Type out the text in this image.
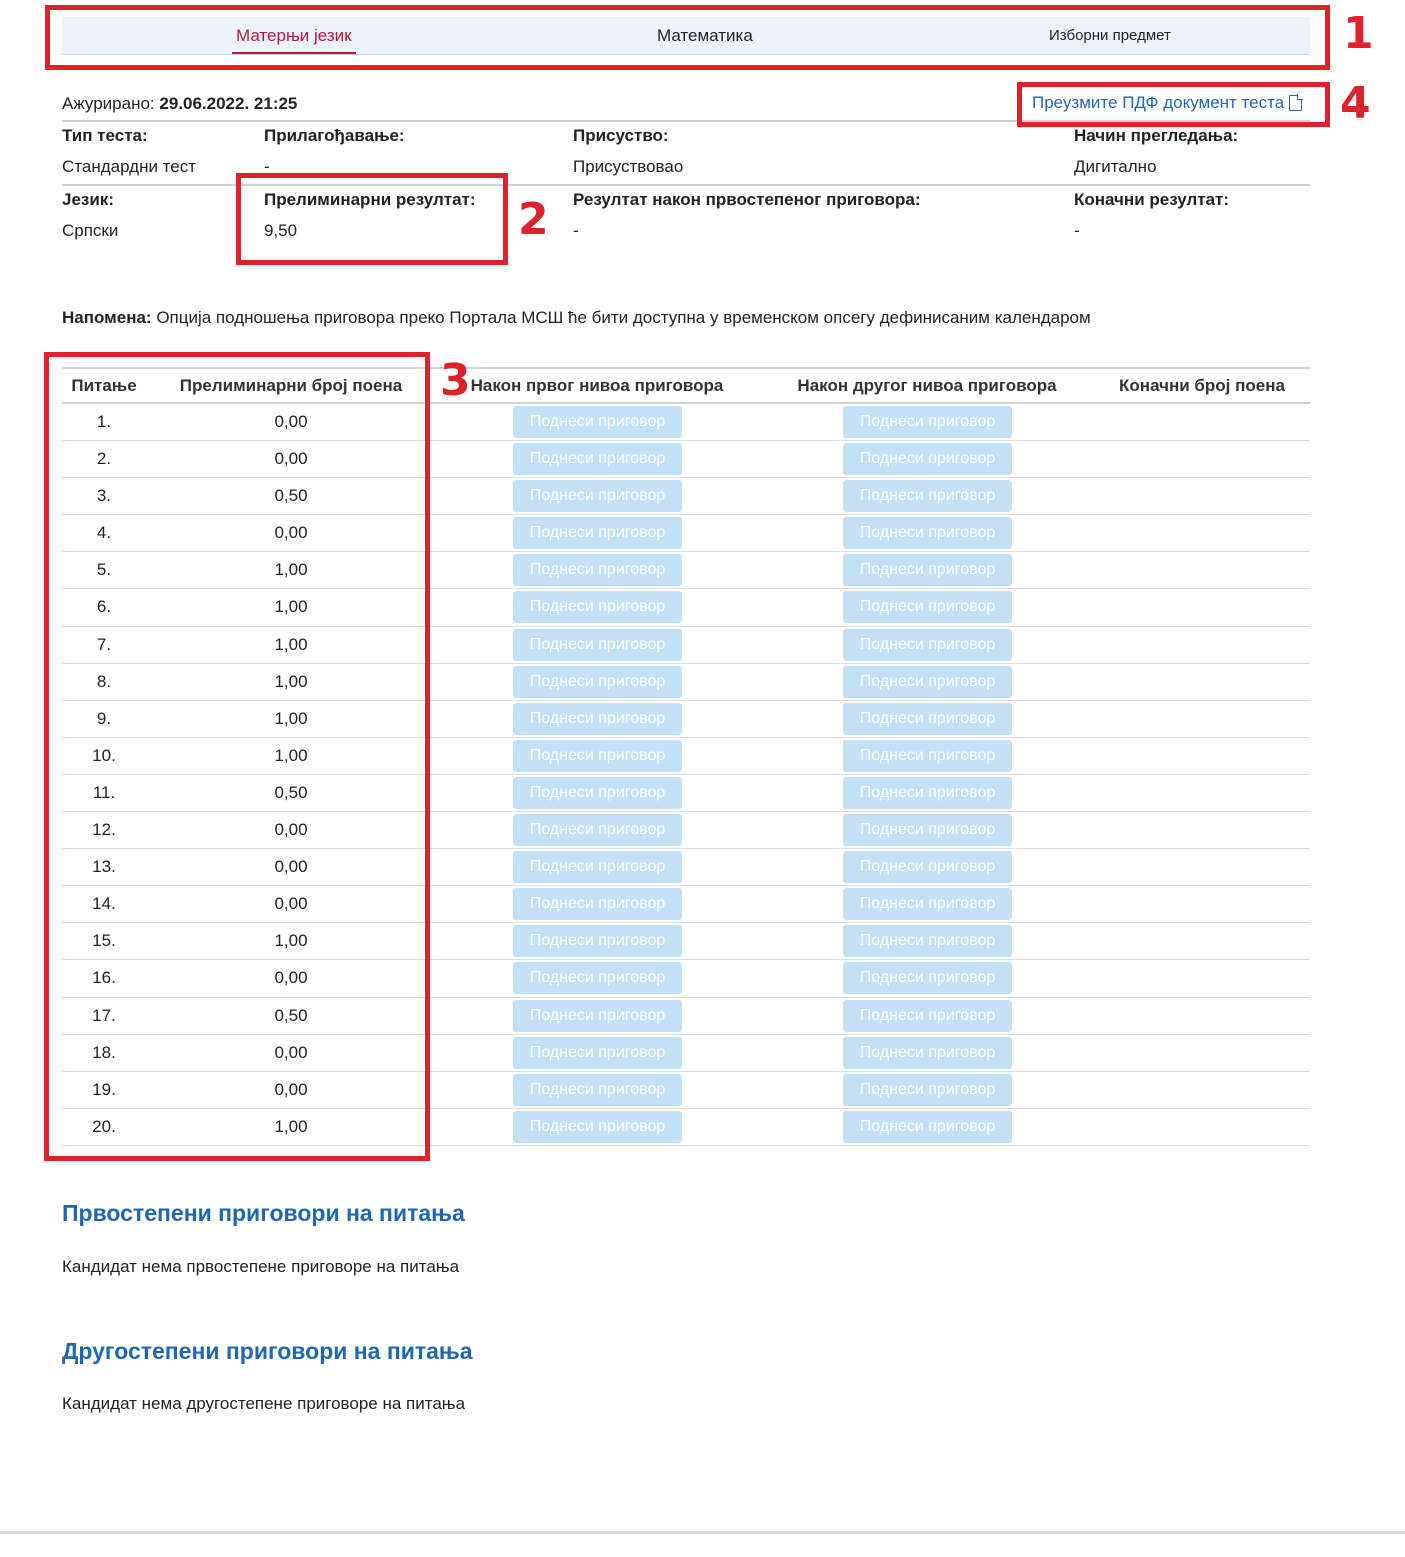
Матерњи језик	Математика	Изборни предмет
Ажурирано: 29.06.2022. 21:25	Преузмите ПДФ документ теста
Тип теста:
Стандардни тест
Прилагођавање:
-
Присуство:
Присуствовао
Начин прегледања:
Дигитално
Језик:
Српски
Прелиминарни резултат:
9,50
Резултат након првостепеног приговора:
-
Коначни резултат:
-
Напомена: Опција подношења приговора преко Портала МСШ ће бити доступна у временском опсегу дефинисаним календаром
Питање	Прелиминарни број поена	Након првог нивоа приговора	Након другог нивоа приговора	Коначни број поена
1.	0,00	Поднеси приговор	Поднеси приговор
2.	0,00	Поднеси приговор	Поднеси приговор
3.	0,50	Поднеси приговор	Поднеси приговор
4.	0,00	Поднеси приговор	Поднеси приговор
5.	1,00	Поднеси приговор	Поднеси приговор
6.	1,00	Поднеси приговор	Поднеси приговор
7.	1,00	Поднеси приговор	Поднеси приговор
8.	1,00	Поднеси приговор	Поднеси приговор
9.	1,00	Поднеси приговор	Поднеси приговор
10.	1,00	Поднеси приговор	Поднеси приговор
11.	0,50	Поднеси приговор	Поднеси приговор
12.	0,00	Поднеси приговор	Поднеси приговор
13.	0,00	Поднеси приговор	Поднеси приговор
14.	0,00	Поднеси приговор	Поднеси приговор
15.	1,00	Поднеси приговор	Поднеси приговор
16.	0,00	Поднеси приговор	Поднеси приговор
17.	0,50	Поднеси приговор	Поднеси приговор
18.	0,00	Поднеси приговор	Поднеси приговор
19.	0,00	Поднеси приговор	Поднеси приговор
20.	1,00	Поднеси приговор	Поднеси приговор
Првостепени приговори на питања
Кандидат нема првостепене приговоре на питања
Другостепени приговори на питања
Кандидат нема другостепене приговоре на питања
1
2
3
4
